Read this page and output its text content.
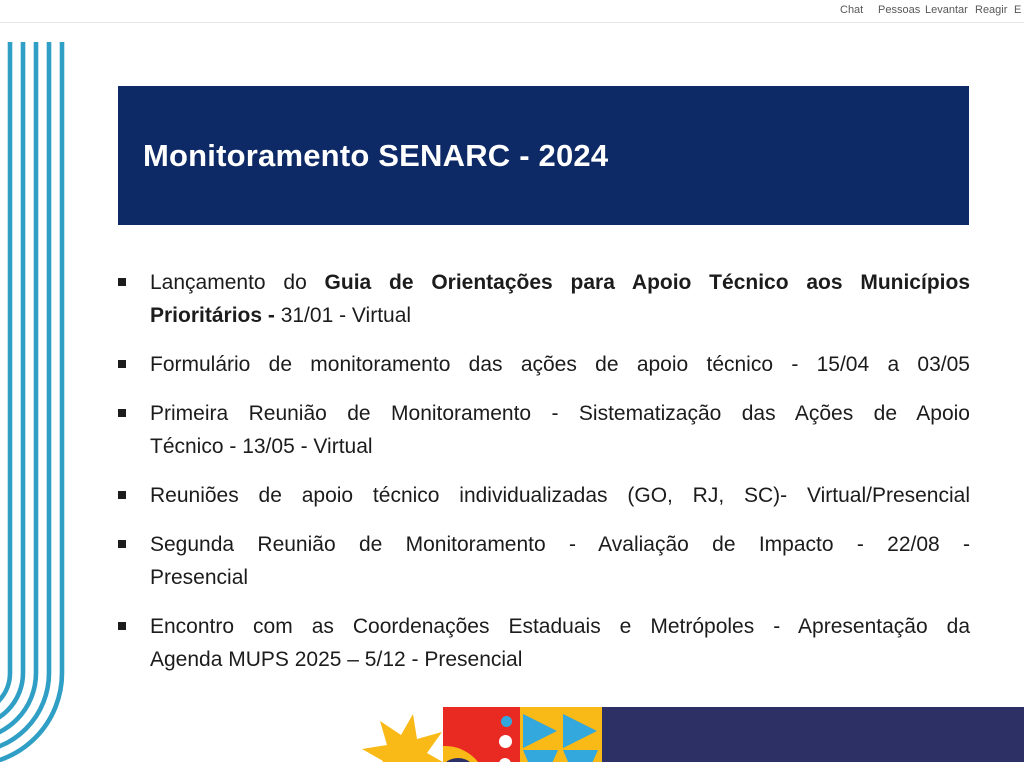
Chat Pessoas Levantar Reagir E
Monitoramento SENARC - 2024
Lançamento do Guia de Orientações para Apoio Técnico aos Municípios
Prioritários - 31/01 - Virtual
Formulário de monitoramento das ações de apoio técnico - 15/04 a 03/05
Primeira Reunião de Monitoramento - Sistematização das Ações de Apoio
Técnico - 13/05 - Virtual
Reuniões de apoio técnico individualizadas (GO, RJ, SC)- Virtual/Presencial
Segunda Reunião de Monitoramento - Avaliação de Impacto - 22/08 -
Presencial
Encontro com as Coordenações Estaduais e Metrópoles - Apresentação da
Agenda MUPS 2025 – 5/12 - Presencial
